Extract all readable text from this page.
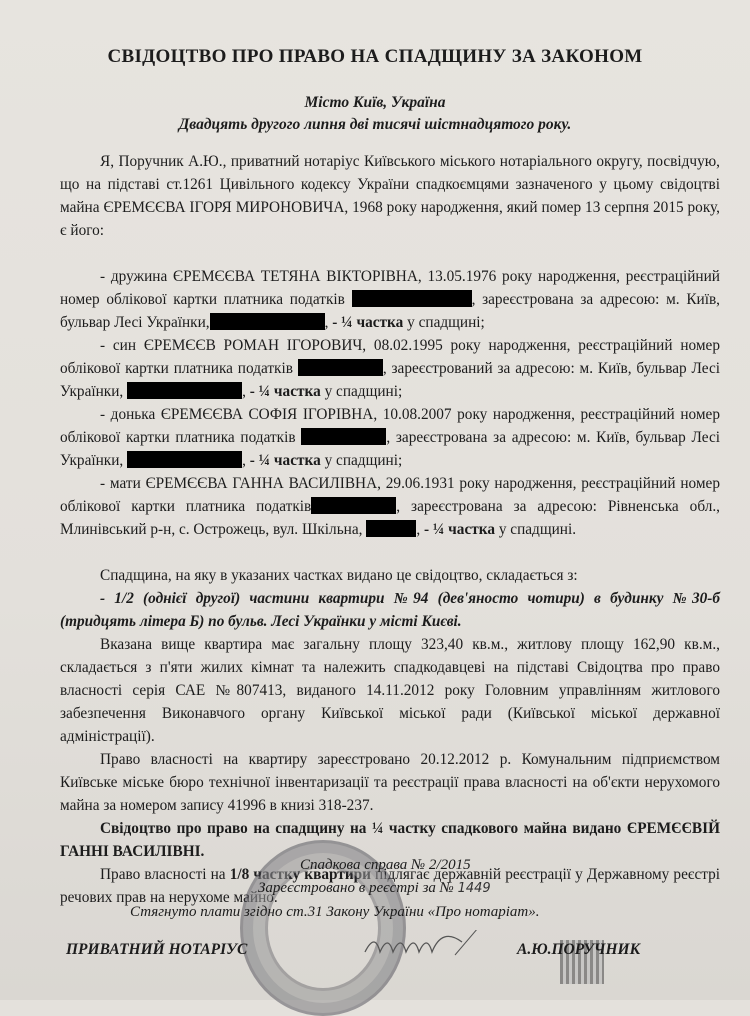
СВІДОЦТВО ПРО ПРАВО НА СПАДЩИНУ ЗА ЗАКОНОМ
Місто Київ, Україна
Двадцять другого липня дві тисячі шістнадцятого року.

Я, Поручник А.Ю., приватний нотаріус Київського міського нотаріального округу, посвідчую, що на підставі ст.1261 Цивільного кодексу України спадкоємцями зазначеного у цьому свідоцтві майна ЄРЕМЄЄВА ІГОРЯ МИРОНОВИЧА, 1968 року народження, який помер 13 серпня 2015 року, є його:

- дружина ЄРЕМЄЄВА ТЕТЯНА ВІКТОРІВНА, 13.05.1976 року народження, реєстраційний номер облікової картки платника податків	, зареєстрована за адресою: м. Київ, бульвар Лесі Українки,	, - ¼ частка у спадщині;

- син ЄРЕМЄЄВ РОМАН ІГОРОВИЧ, 08.02.1995 року народження, реєстраційний номер облікової картки платника податків	, зареєстрований за адресою: м. Київ, бульвар Лесі Українки,	, - ¼ частка у спадщині;

- донька ЄРЕМЄЄВА СОФІЯ ІГОРІВНА, 10.08.2007 року народження, реєстраційний номер облікової картки платника податків	, зареєстрована за адресою: м. Київ, бульвар Лесі Українки,	, - ¼ частка у спадщині;

- мати ЄРЕМЄЄВА ГАННА ВАСИЛІВНА, 29.06.1931 року народження, реєстраційний номер облікової картки платника податків	, зареєстрована за адресою: Рівненська обл., Млинівський р-н, с. Острожець, вул. Шкільна,	, - ¼ частка у спадщині.

Спадщина, на яку в указаних частках видано це свідоцтво, складається з:

- 1/2 (однієї другої) частини квартири №94 (дев'яносто чотири) в будинку №30-б (тридцять літера Б) по бульв. Лесі Українки у місті Києві.

Вказана вище квартира має загальну площу 323,40 кв.м., житлову площу 162,90 кв.м., складається з п'яти жилих кімнат та належить спадкодавцеві на підставі Свідоцтва про право власності серія САЕ №807413, виданого 14.11.2012 року Головним управлінням житлового забезпечення Виконавчого органу Київської міської ради (Київської міської державної адміністрації).

Право власності на квартиру зареєстровано 20.12.2012 р. Комунальним підприємством Київське міське бюро технічної інвентаризації та реєстрації права власності на об'єкти нерухомого майна за номером запису 41996 в книзі 318-237.

Свідоцтво про право на спадщину на ¼ частку спадкового майна видано ЄРЕМЄЄВІЙ ГАННІ ВАСИЛІВНІ.

Право власності на 1/8 частку квартири підлягає державній реєстрації у Державному реєстрі речових прав на нерухоме майно.

Спадкова справа № 2/2015
Зареєстровано в реєстрі за № 1449
Стягнуто плати згідно ст.31 Закону України «Про нотаріат».
ПРИВАТНИЙ НОТАРІУС	А.Ю.ПОРУЧНИК
